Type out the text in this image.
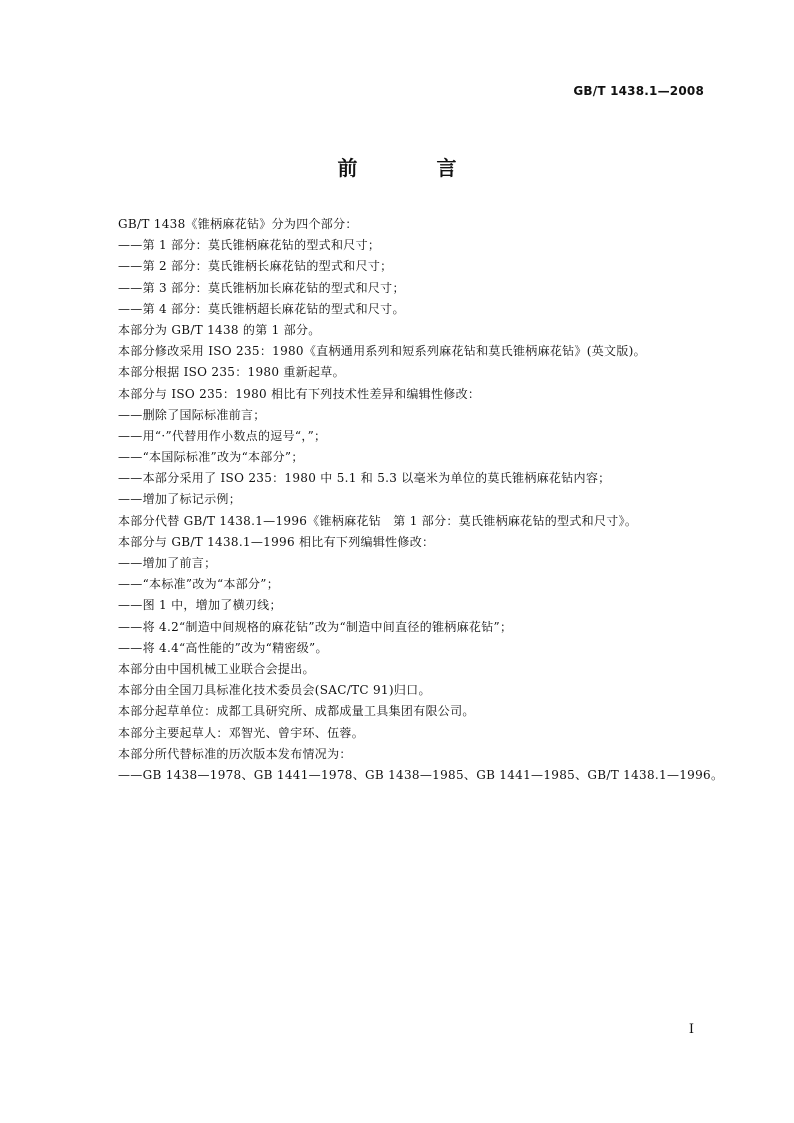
GB/T 1438.1—2008
前 言
GB/T 1438《锥柄麻花钻》分为四个部分：
——第 1 部分：莫氏锥柄麻花钻的型式和尺寸；
——第 2 部分：莫氏锥柄长麻花钻的型式和尺寸；
——第 3 部分：莫氏锥柄加长麻花钻的型式和尺寸；
——第 4 部分：莫氏锥柄超长麻花钻的型式和尺寸。
本部分为 GB/T 1438 的第 1 部分。
本部分修改采用 ISO 235：1980《直柄通用系列和短系列麻花钻和莫氏锥柄麻花钻》(英文版)。
本部分根据 ISO 235：1980 重新起草。
本部分与 ISO 235：1980 相比有下列技术性差异和编辑性修改：
——删除了国际标准前言；
——用“·”代替用作小数点的逗号“，”；
——“本国际标准”改为“本部分”；
——本部分采用了 ISO 235：1980 中 5.1 和 5.3 以毫米为单位的莫氏锥柄麻花钻内容；
——增加了标记示例；
本部分代替 GB/T 1438.1—1996《锥柄麻花钻　第 1 部分：莫氏锥柄麻花钻的型式和尺寸》。
本部分与 GB/T 1438.1—1996 相比有下列编辑性修改：
——增加了前言；
——“本标准”改为“本部分”；
——图 1 中，增加了横刃线；
——将 4.2“制造中间规格的麻花钻”改为“制造中间直径的锥柄麻花钻”；
——将 4.4“高性能的”改为“精密级”。
本部分由中国机械工业联合会提出。
本部分由全国刀具标准化技术委员会(SAC/TC 91)归口。
本部分起草单位：成都工具研究所、成都成量工具集团有限公司。
本部分主要起草人：邓智光、曾宇环、伍蓉。
本部分所代替标准的历次版本发布情况为：
——GB 1438—1978、GB 1441—1978、GB 1438—1985、GB 1441—1985、GB/T 1438.1—1996。
I
